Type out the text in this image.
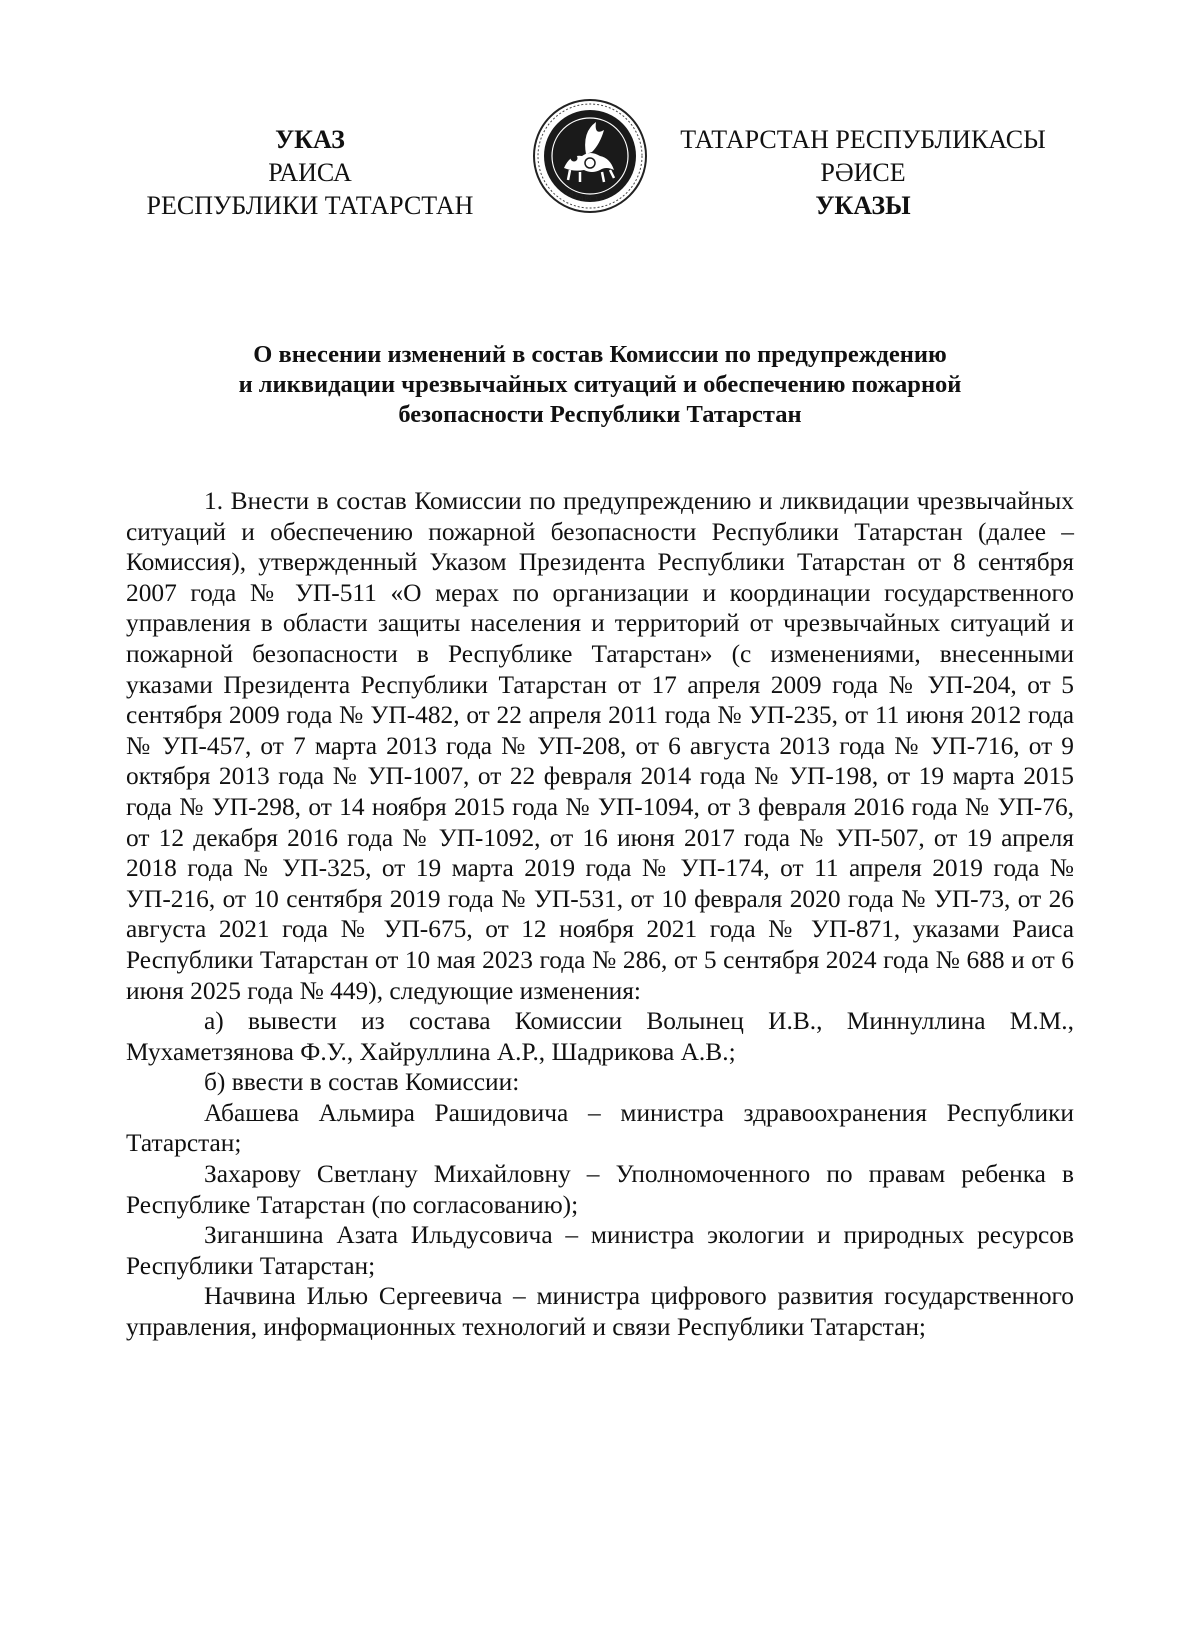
УКАЗ
РАИСА
РЕСПУБЛИКИ ТАТАРСТАН	ТАТАРСТАН
ТАТАРСТАН РЕСПУБЛИКАСЫ
РӘИСЕ
УКАЗЫ
О внесении изменений в состав Комиссии по предупреждению
и ликвидации чрезвычайных ситуаций и обеспечению пожарной
безопасности Республики Татарстан

1. Внести в состав Комиссии по предупреждению и ликвидации чрезвычайных ситуаций и обеспечению пожарной безопасности Республики Татарстан (далее – Комиссия), утвержденный Указом Президента Республики Татарстан от 8 сентября 2007 года № УП-511 «О мерах по организации и координации государственного управления в области защиты населения и территорий от чрезвычайных ситуаций и пожарной безопасности в Республике Татарстан» (с изменениями, внесенными указами Президента Республики Татарстан от 17 апреля 2009 года № УП-204, от 5 сентября 2009 года № УП-482, от 22 апреля 2011 года № УП-235, от 11 июня 2012 года № УП-457, от 7 марта 2013 года № УП-208, от 6 августа 2013 года № УП-716, от 9 октября 2013 года № УП-1007, от 22 февраля 2014 года № УП-198, от 19 марта 2015 года № УП-298, от 14 ноября 2015 года № УП-1094, от 3 февраля 2016 года № УП-76, от 12 декабря 2016 года № УП-1092, от 16 июня 2017 года № УП-507, от 19 апреля 2018 года № УП-325, от 19 марта 2019 года № УП-174, от 11 апреля 2019 года № УП-216, от 10 сентября 2019 года № УП-531, от 10 февраля 2020 года № УП-73, от 26 августа 2021 года № УП-675, от 12 ноября 2021 года № УП-871, указами Раиса Республики Татарстан от 10 мая 2023 года № 286, от 5 сентября 2024 года № 688 и от 6 июня 2025 года № 449), следующие изменения:

а) вывести из состава Комиссии Волынец И.В., Миннуллина М.М., Мухаметзянова Ф.У., Хайруллина А.Р., Шадрикова А.В.;

б) ввести в состав Комиссии:

Абашева Альмира Рашидовича – министра здравоохранения Республики Татарстан;

Захарову Светлану Михайловну – Уполномоченного по правам ребенка в Республике Татарстан (по согласованию);

Зиганшина Азата Ильдусовича – министра экологии и природных ресурсов Республики Татарстан;

Начвина Илью Сергеевича – министра цифрового развития государственного управления, информационных технологий и связи Республики Татарстан;
